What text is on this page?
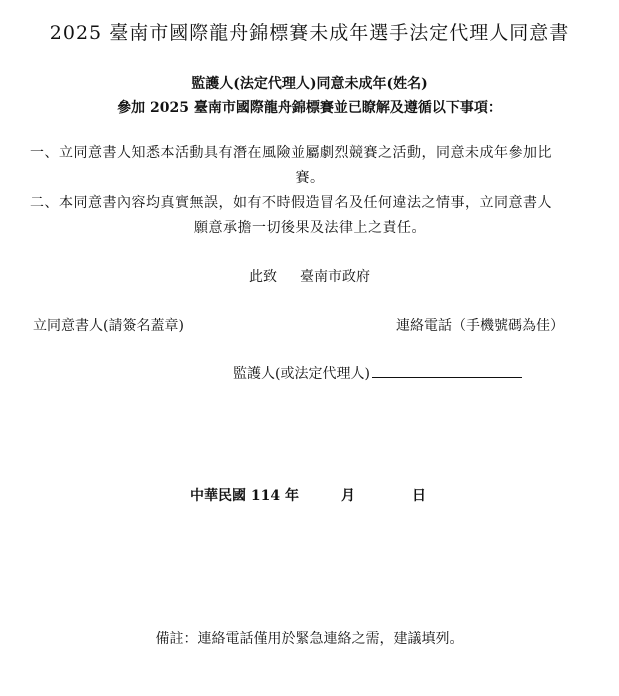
2025 臺南市國際龍舟錦標賽未成年選手法定代理人同意書
監護人(法定代理人)同意未成年(姓名)
參加 2025 臺南市國際龍舟錦標賽並已瞭解及遵循以下事項：
一、立同意書人知悉本活動具有潛在風險並屬劇烈競賽之活動，同意未成年參加比
賽。
二、本同意書內容均真實無誤，如有不時假造冒名及任何違法之情事，立同意書人
願意承擔一切後果及法律上之責任。
此致 臺南市政府
立同意書人(請簽名蓋章)	連絡電話（手機號碼為佳）
監護人(或法定代理人)
中華民國 114 年	月	日
備註：連絡電話僅用於緊急連絡之需，建議填列。
